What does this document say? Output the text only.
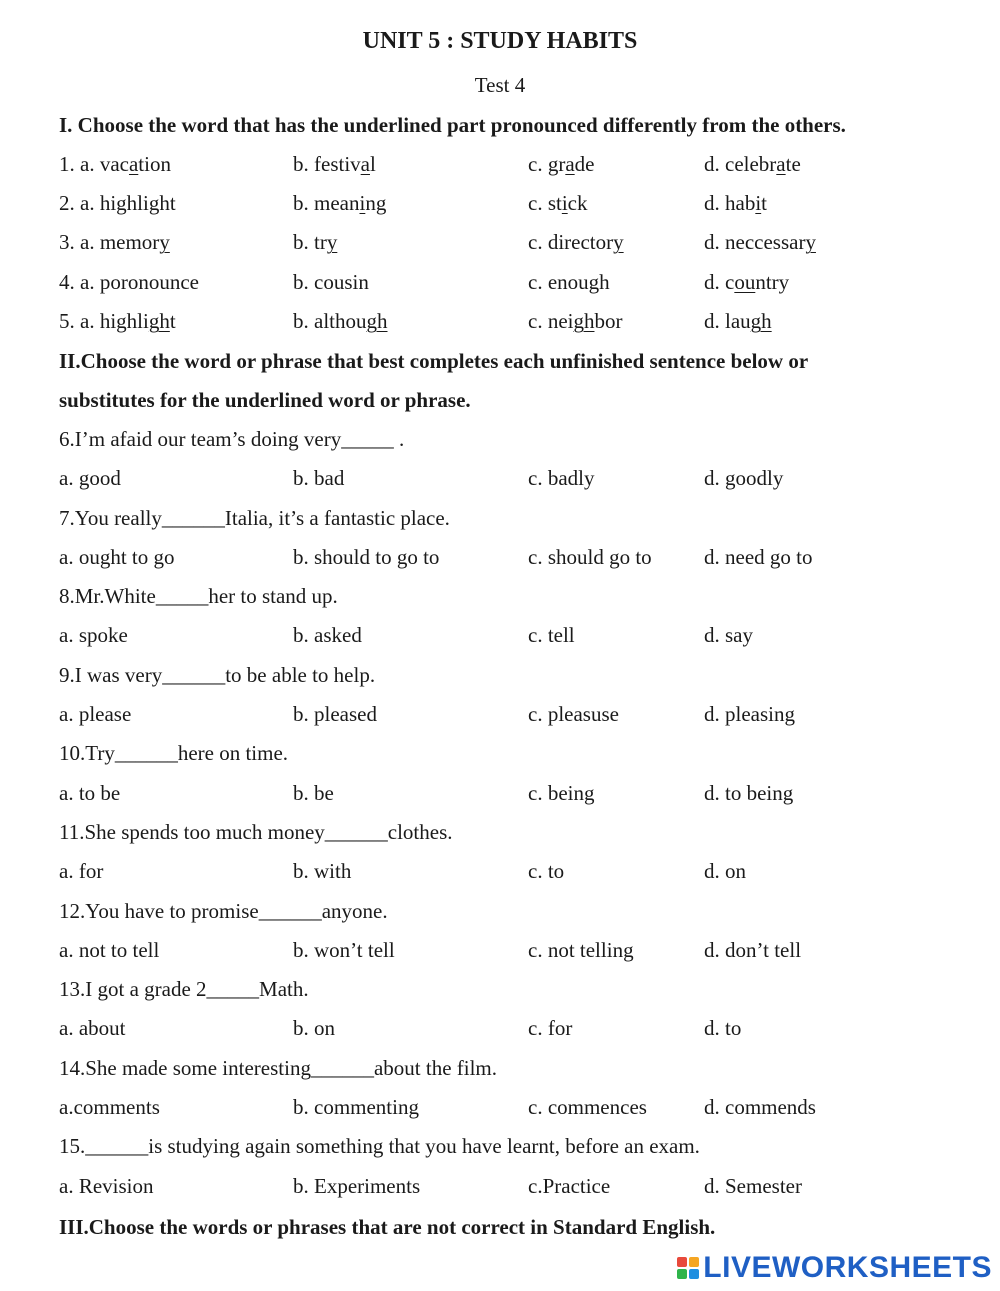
UNIT 5 : STUDY HABITS
Test 4
I. Choose the word that has the underlined part pronounced differently from the others.
1. a. vacation	b. festival	c. grade	d. celebrate
2. a. highlight	b. meaning	c. stick	d. habit
3. a. memory	b. try	c. directory	d. neccessary
4. a. poronounce	b. cousin	c. enough	d. country
5. a. highlight	b. although	c. neighbor	d. laugh
II.Choose the word or phrase that best completes each unfinished sentence below or
substitutes for the underlined word or phrase.
6.I’m afaid our team’s doing very_____ .
a. good	b. bad	c. badly	d. goodly
7.You really______Italia, it’s a fantastic place.
a. ought to go	b. should to go to	c. should go to d. need go to
8.Mr.White_____her to stand up.
a. spoke	b. asked	c. tell	d. say
9.I was very______to be able to help.
a. please	b. pleased	c. pleasuse	d. pleasing
10.Try______here on time.
a. to be	b. be	c. being	d. to being
11.She spends too much money______clothes.
a. for	b. with	c. to	d. on
12.You have to promise______anyone.
a. not to tell	b. won’t tell	c. not telling	d. don’t tell
13.I got a grade 2_____Math.
a. about	b. on	c. for	d. to
14.She made some interesting______about the film.
a.comments	b. commenting	c. commences	d. commends
15.______is studying again something that you have learnt, before an exam.
a. Revision	b. Experiments	c.Practice	d. Semester
III.Choose the words or phrases that are not correct in Standard English.
LIVEWORKSHEETS
